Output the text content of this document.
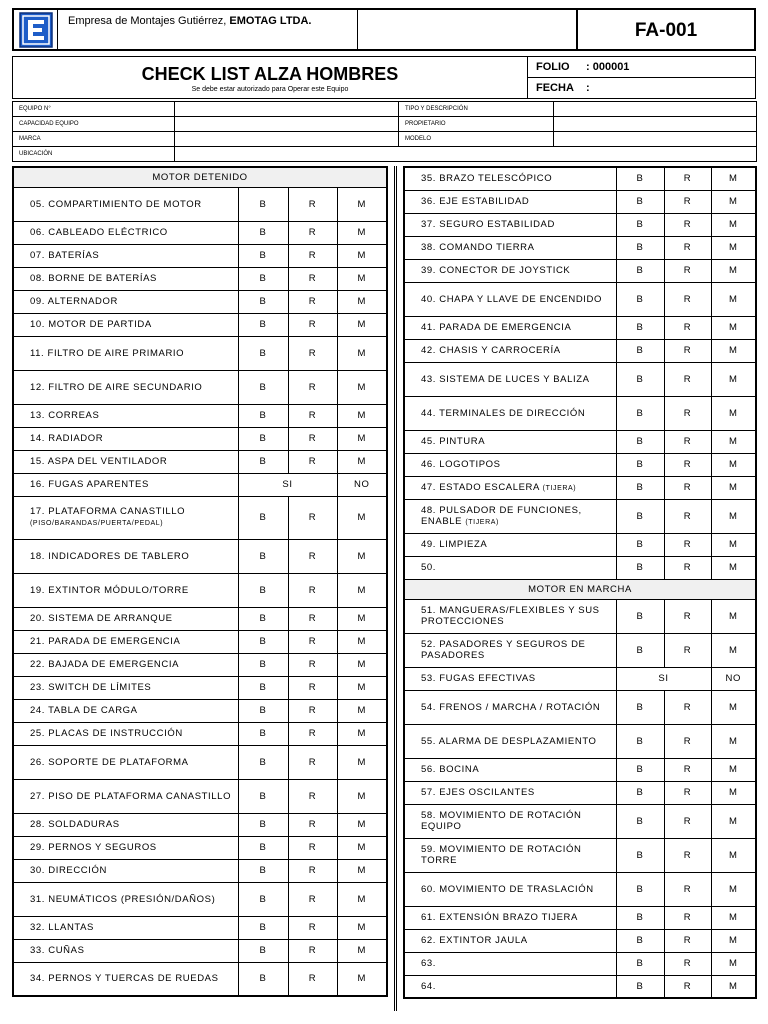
Empresa de Montajes Gutiérrez, EMOTAG LTDA.	FA-001
CHECK LIST ALZA HOMBRES
Se debe estar autorizado para Operar este Equipo
FOLIO	: 000001
FECHA	:
EQUIPO N°		TIPO Y DESCRIPCIÓN	
CAPACIDAD EQUIPO		PROPIETARIO	
MARCA		MODELO	
UBICACIÓN			
MOTOR DETENIDO			
05. COMPARTIMIENTO DE MOTOR	B	R	M
06. CABLEADO ELÉCTRICO	B	R	M
07. BATERÍAS	B	R	M
08. BORNE DE BATERÍAS	B	R	M
09. ALTERNADOR	B	R	M
10. MOTOR DE PARTIDA	B	R	M
11. FILTRO DE AIRE PRIMARIO	B	R	M
12. FILTRO DE AIRE SECUNDARIO	B	R	M
13. CORREAS	B	R	M
14. RADIADOR	B	R	M
15. ASPA DEL VENTILADOR	B	R	M
16. FUGAS APARENTES	SI		NO
17. PLATAFORMA CANASTILLO
(PISO/BARANDAS/PUERTA/PEDAL)	B	R	M
18. INDICADORES DE TABLERO	B	R	M
19. EXTINTOR MÓDULO/TORRE	B	R	M
20. SISTEMA DE ARRANQUE	B	R	M
21. PARADA DE EMERGENCIA	B	R	M
22. BAJADA DE EMERGENCIA	B	R	M
23. SWITCH DE LÍMITES	B	R	M
24. TABLA DE CARGA	B	R	M
25. PLACAS DE INSTRUCCIÓN	B	R	M
26. SOPORTE DE PLATAFORMA	B	R	M
27. PISO DE PLATAFORMA CANASTILLO	B	R	M
28. SOLDADURAS	B	R	M
29. PERNOS Y SEGUROS	B	R	M
30. DIRECCIÓN	B	R	M
31. NEUMÁTICOS (PRESIÓN/DAÑOS)	B	R	M
32. LLANTAS	B	R	M
33. CUÑAS	B	R	M
34. PERNOS Y TUERCAS DE RUEDAS	B	R	M
35. BRAZO TELESCÓPICO	B	R	M
36. EJE ESTABILIDAD	B	R	M
37. SEGURO ESTABILIDAD	B	R	M
38. COMANDO TIERRA	B	R	M
39. CONECTOR DE JOYSTICK	B	R	M
40. CHAPA Y LLAVE DE ENCENDIDO	B	R	M
41. PARADA DE EMERGENCIA	B	R	M
42. CHASIS Y CARROCERÍA	B	R	M
43. SISTEMA DE LUCES Y BALIZA	B	R	M
44. TERMINALES DE DIRECCIÓN	B	R	M
45. PINTURA	B	R	M
46. LOGOTIPOS	B	R	M
47. ESTADO ESCALERA (TIJERA)	B	R	M
48. PULSADOR DE FUNCIONES, ENABLE (TIJERA)	B	R	M
49. LIMPIEZA	B	R	M
50.	B	R	M
MOTOR EN MARCHA			
51. MANGUERAS/FLEXIBLES Y SUS PROTECCIONES	B	R	M
52. PASADORES Y SEGUROS DE PASADORES	B	R	M
53. FUGAS EFECTIVAS	SI		NO
54. FRENOS / MARCHA / ROTACIÓN	B	R	M
55. ALARMA DE DESPLAZAMIENTO	B	R	M
56. BOCINA	B	R	M
57. EJES OSCILANTES	B	R	M
58. MOVIMIENTO DE ROTACIÓN EQUIPO	B	R	M
59. MOVIMIENTO DE ROTACIÓN TORRE	B	R	M
60. MOVIMIENTO DE TRASLACIÓN	B	R	M
61. EXTENSIÓN BRAZO TIJERA	B	R	M
62. EXTINTOR JAULA	B	R	M
63.	B	R	M
64.	B	R	M
